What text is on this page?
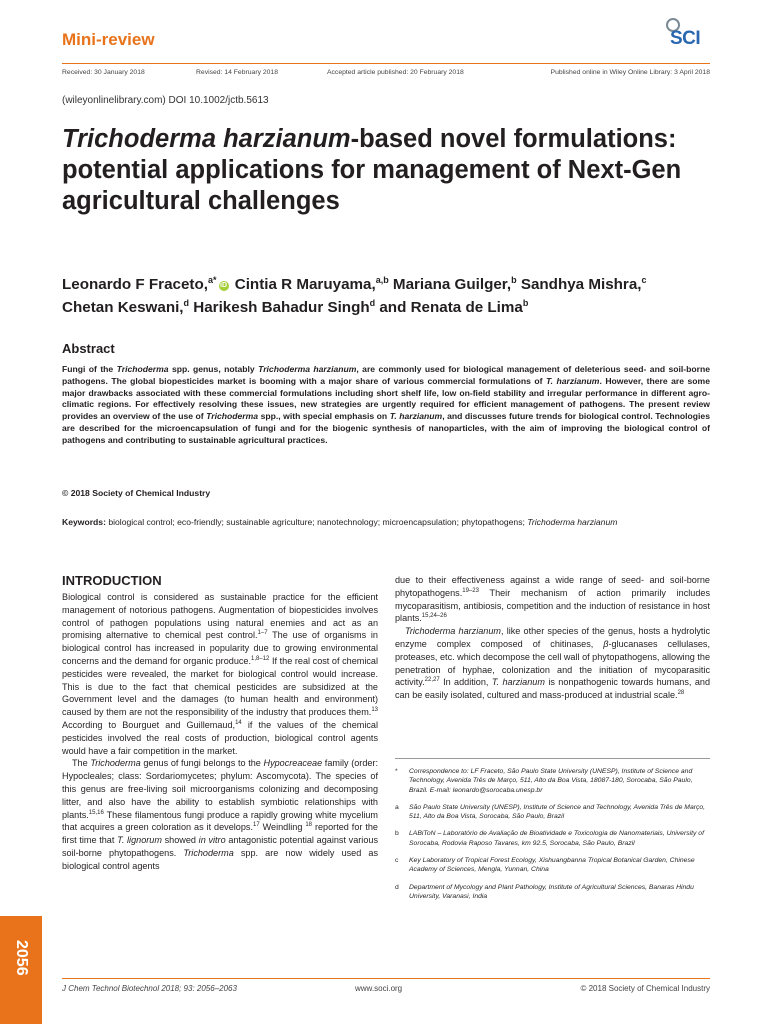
Mini-review	SCI
Received: 30 January 2018	Revised: 14 February 2018	Accepted article published: 20 February 2018	Published online in Wiley Online Library: 3 April 2018
(wileyonlinelibrary.com) DOI 10.1002/jctb.5613
Trichoderma harzianum-based novel formulations: potential applications for management of Next-Gen agricultural challenges
Leonardo F Fraceto,$^{a*}$iD Cintia R Maruyama,$^{a,b}$ Mariana Guilger,$^b$ Sandhya Mishra,$^c$ Chetan Keswani,$^d$ Harikesh Bahadur Singh$^d$ and Renata de Lima$^b$
Abstract
Fungi of the Trichoderma spp. genus, notably Trichoderma harzianum, are commonly used for biological management of deleterious seed- and soil-borne pathogens. The global biopesticides market is booming with a major share of various commercial formulations of T. harzianum. However, there are some major drawbacks associated with these commercial formulations including short shelf life, low on-field stability and irregular performance in different agro-climatic regions. For effectively resolving these issues, new strategies are urgently required for efficient management of pathogens. The present review provides an overview of the use of Trichoderma spp., with special emphasis on T. harzianum, and discusses future trends for biological control. Technologies are described for the microencapsulation of fungi and for the biogenic synthesis of nanoparticles, with the aim of improving the biological control of pathogens and contributing to sustainable agricultural practices.
© 2018 Society of Chemical Industry
Keywords: biological control; eco-friendly; sustainable agriculture; nanotechnology; microencapsulation; phytopathogens; Trichoderma harzianum
INTRODUCTION

Biological control is considered as sustainable practice for the efficient management of notorious pathogens. Augmentation of biopesticides involves control of pathogen populations using natural enemies and act as an promising alternative to chemical pest control.$^{1-7}$ The use of organisms in biological control has increased in popularity due to growing environmental concerns and the demand for organic produce.$^{1,8-12}$ If the real cost of chemical pesticides were revealed, the market for biological control would increase. This is due to the fact that chemical pesticides are subsidized at the Government level and the damages (to human health and environment) caused by them are not the responsibility of the industry that produces them.$^{13}$ According to Bourguet and Guillemaud,$^{14}$ if the values of the chemical pesticides involved the real costs of production, biological control agents would have a fair competition in the market.

The Trichoderma genus of fungi belongs to the Hypocreaceae family (order: Hypocleales; class: Sordariomycetes; phylum: Ascomycota). The species of this genus are free-living soil microorganisms colonizing and decomposing litter, and also have the ability to establish symbiotic relationships with plants.$^{15,16}$ These filamentous fungi produce a rapidly growing white mycelium that acquires a green coloration as it develops.$^{17}$ Weindling $^{18}$ reported for the first time that T. lignorum showed in vitro antagonistic potential against various soil-borne phytopathogens. Trichoderma spp. are now widely used as biological control agents

due to their effectiveness against a wide range of seed- and soil-borne phytopathogens.$^{19-23}$ Their mechanism of action primarily includes mycoparasitism, antibiosis, competition and the induction of resistance in host plants.$^{15,24-26}$

Trichoderma harzianum, like other species of the genus, hosts a hydrolytic enzyme complex composed of chitinases, β-glucanases cellulases, proteases, etc. which decompose the cell wall of phytopathogens, allowing the penetration of hyphae, colonization and the initiation of mycoparasitic activity.$^{22,27}$ In addition, T. harzianum is nonpathogenic towards humans, and can be easily isolated, cultured and mass-produced at industrial scale.$^{28}$

* Correspondence to: LF Fraceto, São Paulo State University (UNESP), Institute of Science and Technology, Avenida Três de Março, 511, Alto da Boa Vista, 18087-180, Sorocaba, São Paulo, Brazil. E-mail: leonardo@sorocaba.unesp.br
a São Paulo State University (UNESP), Institute of Science and Technology, Avenida Três de Março, 511, Alto da Boa Vista, Sorocaba, São Paulo, Brazil
b LABiToN – Laboratório de Avaliação de Bioatividade e Toxicologia de Nanomateriais, University of Sorocaba, Rodovia Raposo Tavares, km 92.5, Sorocaba, São Paulo, Brazil
c Key Laboratory of Tropical Forest Ecology, Xishuangbanna Tropical Botanical Garden, Chinese Academy of Sciences, Mengla, Yunnan, China
d Department of Mycology and Plant Pathology, Institute of Agricultural Sciences, Banaras Hindu University, Varanasi, India
2056
J Chem Technol Biotechnol 2018; 93: 2056–2063	www.soci.org	© 2018 Society of Chemical Industry
